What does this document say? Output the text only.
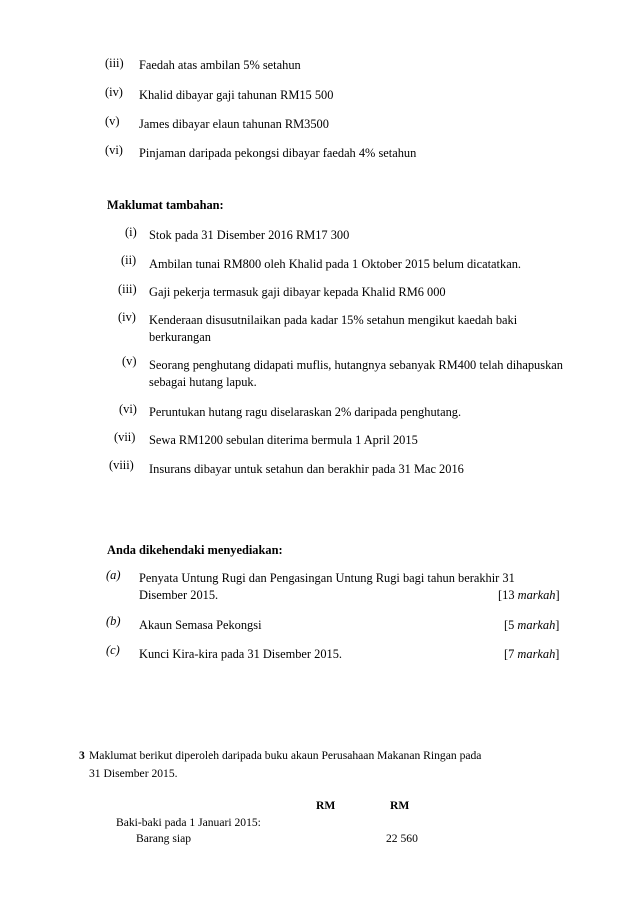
(iii) Faedah atas ambilan 5% setahun
(iv) Khalid dibayar gaji tahunan RM15 500
(v) James dibayar elaun tahunan RM3500
(vi) Pinjaman daripada pekongsi dibayar faedah 4% setahun
Maklumat tambahan:
(i) Stok pada 31 Disember 2016 RM17 300
(ii) Ambilan tunai RM800 oleh Khalid pada 1 Oktober 2015 belum dicatatkan.
(iii) Gaji pekerja termasuk gaji dibayar kepada Khalid RM6 000
(iv) Kenderaan disusutnilaikan pada kadar 15% setahun mengikut kaedah baki
berkurangan
(v) Seorang penghutang didapati muflis, hutangnya sebanyak RM400 telah dihapuskan
sebagai hutang lapuk.
(vi) Peruntukan hutang ragu diselaraskan 2% daripada penghutang.
(vii) Sewa RM1200 sebulan diterima bermula 1 April 2015
(viii) Insurans dibayar untuk setahun dan berakhir pada 31 Mac 2016
Anda dikehendaki menyediakan:
(a) Penyata Untung Rugi dan Pengasingan Untung Rugi bagi tahun berakhir 31
Disember 2015.	[13 markah]
(b) Akaun Semasa Pekongsi	[5 markah]
(c) Kunci Kira-kira pada 31 Disember 2015.	[7 markah]
3 Maklumat berikut diperoleh daripada buku akaun Perusahaan Makanan Ringan pada
31 Disember 2015.
RM	RM
Baki-baki pada 1 Januari 2015:
Barang siap	22 560
